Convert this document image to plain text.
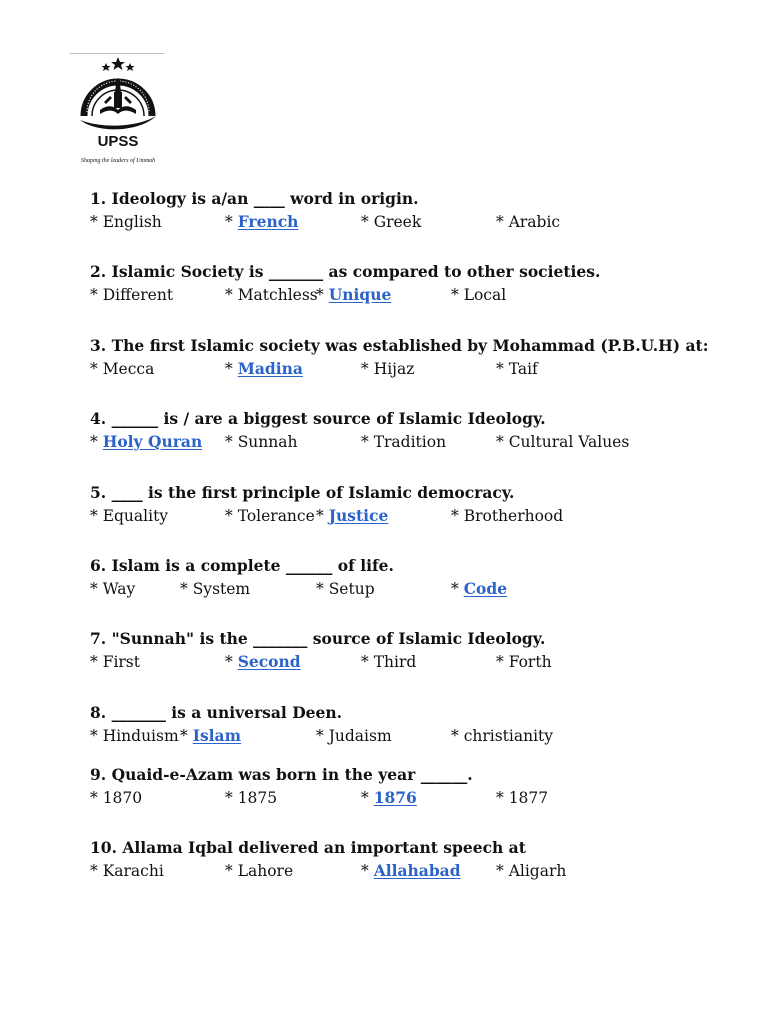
UPSS
Shaping the leaders of Ummah
1. Ideology is a/an ____ word in origin.
* English	* French	* Greek	* Arabic
2. Islamic Society is _______ as compared to other societies.
* Different	* Matchless
* Unique	* Local
3. The first Islamic society was established by Mohammad (P.B.U.H) at:
* Mecca	* Madina	* Hijaz	* Taif
4. ______ is / are a biggest source of Islamic Ideology.
* Holy Quran * Sunnah	* Tradition	* Cultural Values
5. ____ is the first principle of Islamic democracy.
* Equality	* Tolerance * Justice	* Brotherhood
6. Islam is a complete ______ of life.
* Way	* System	* Setup	* Code
7. "Sunnah" is the _______ source of Islamic Ideology.
* First	* Second	* Third	* Forth
8. _______ is a universal Deen.
* Hinduism * Islam	* Judaism	* christianity
9. Quaid-e-Azam was born in the year ______.
* 1870	* 1875	* 1876	* 1877
10. Allama Iqbal delivered an important speech at
* Karachi	* Lahore	* Allahabad	* Aligarh
